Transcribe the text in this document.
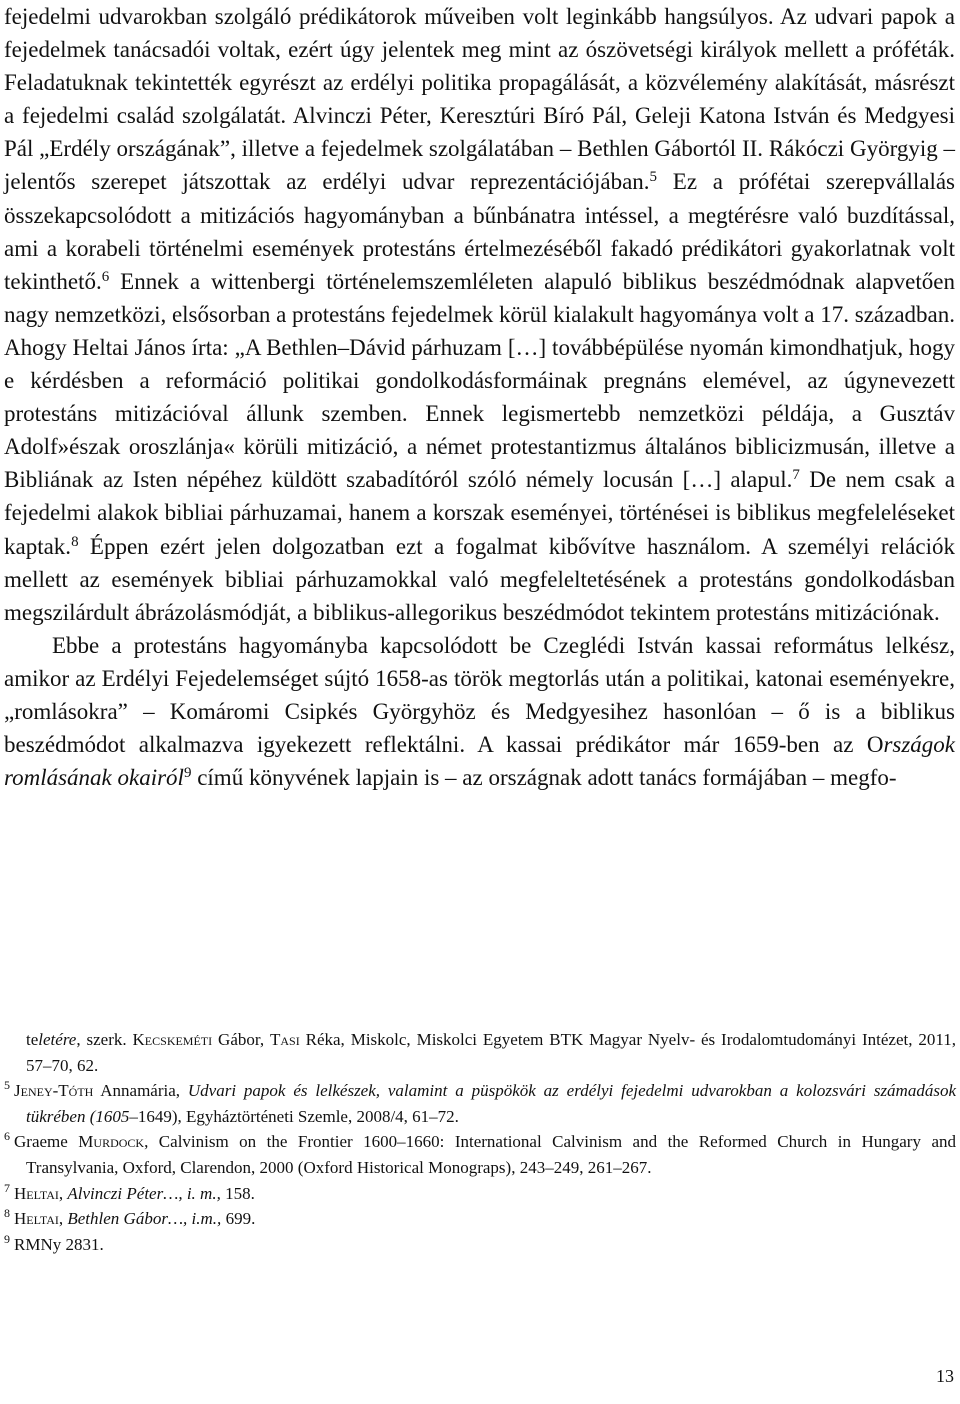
fejedelmi udvarokban szolgáló prédikátorok műveiben volt leginkább hangsúlyos. Az udvari papok a fejedelmek tanácsadói voltak, ezért úgy jelentek meg mint az ószövetségi királyok mellett a próféták. Feladatuknak tekintették egyrészt az erdélyi politika propagálását, a közvélemény alakítását, másrészt a fejedelmi család szolgálatát. Alvinczi Péter, Keresztúri Bíró Pál, Geleji Katona István és Medgyesi Pál „Erdély országának”, illetve a fejedelmek szolgálatában – Bethlen Gábortól II. Rákóczi Györgyig – jelentős szerepet játszottak az erdélyi udvar reprezentációjában.$^5$ Ez a prófétai szerepvállalás összekapcsolódott a mitizációs hagyományban a bűnbánatra intéssel, a megtérésre való buzdítással, ami a korabeli történelmi események protestáns értelmezéséből fakadó prédikátori gyakorlatnak volt tekinthető.$^6$ Ennek a wittenbergi történelemszemléleten alapuló biblikus beszédmódnak alapvetően nagy nemzetközi, elsősorban a protestáns fejedelmek körül kialakult hagyománya volt a 17. században. Ahogy Heltai János írta: „A Bethlen–Dávid párhuzam […] továbbépülése nyomán kimondhatjuk, hogy e kérdésben a reformáció politikai gondolkodásformáinak pregnáns elemével, az úgynevezett protestáns mitizációval állunk szemben. Ennek legismertebb nemzetközi példája, a Gusztáv Adolf»észak oroszlánja« körüli mitizáció, a német protestantizmus általános biblicizmusán, illetve a Bibliának az Isten népéhez küldött szabadítóról szóló némely locusán […] alapul.$^7$ De nem csak a fejedelmi alakok bibliai párhuzamai, hanem a korszak eseményei, történései is biblikus megfeleléseket kaptak.$^8$ Éppen ezért jelen dolgozatban ezt a fogalmat kibővítve használom. A személyi relációk mellett az események bibliai párhuzamokkal való megfeleltetésének a protestáns gondolkodásban megszilárdult ábrázolásmódját, a biblikus-allegorikus beszédmódot tekintem protestáns mitizációnak.

Ebbe a protestáns hagyományba kapcsolódott be Czeglédi István kassai református lelkész, amikor az Erdélyi Fejedelemséget sújtó 1658-as török megtorlás után a politikai, katonai eseményekre, „romlásokra” – Komáromi Csipkés Györgyhöz és Medgyesihez hasonlóan – ő is a biblikus beszédmódot alkalmazva igyekezett reflektálni. A kassai prédikátor már 1659-ben az Országok romlásának okairól$^9$ című könyvének lapjain is – az országnak adott tanács formájában – megfo-

teletére, szerk. Kecskeméti Gábor, Tasi Réka, Miskolc, Miskolci Egyetem BTK Magyar Nyelv- és Irodalomtudományi Intézet, 2011, 57–70, 62.

$^5$ Jeney-Tóth Annamária, Udvari papok és lelkészek, valamint a püspökök az erdélyi fejedelmi udvarokban a kolozsvári számadások tükrében (1605–1649), Egyháztörténeti Szemle, 2008/4, 61–72.

$^6$ Graeme Murdock, Calvinism on the Frontier 1600–1660: International Calvinism and the Reformed Church in Hungary and Transylvania, Oxford, Clarendon, 2000 (Oxford Historical Monograps), 243–249, 261–267.

$^7$ Heltai, Alvinczi Péter…, i. m., 158.

$^8$ Heltai, Bethlen Gábor…, i.m., 699.

$^9$ RMNy 2831.

13
